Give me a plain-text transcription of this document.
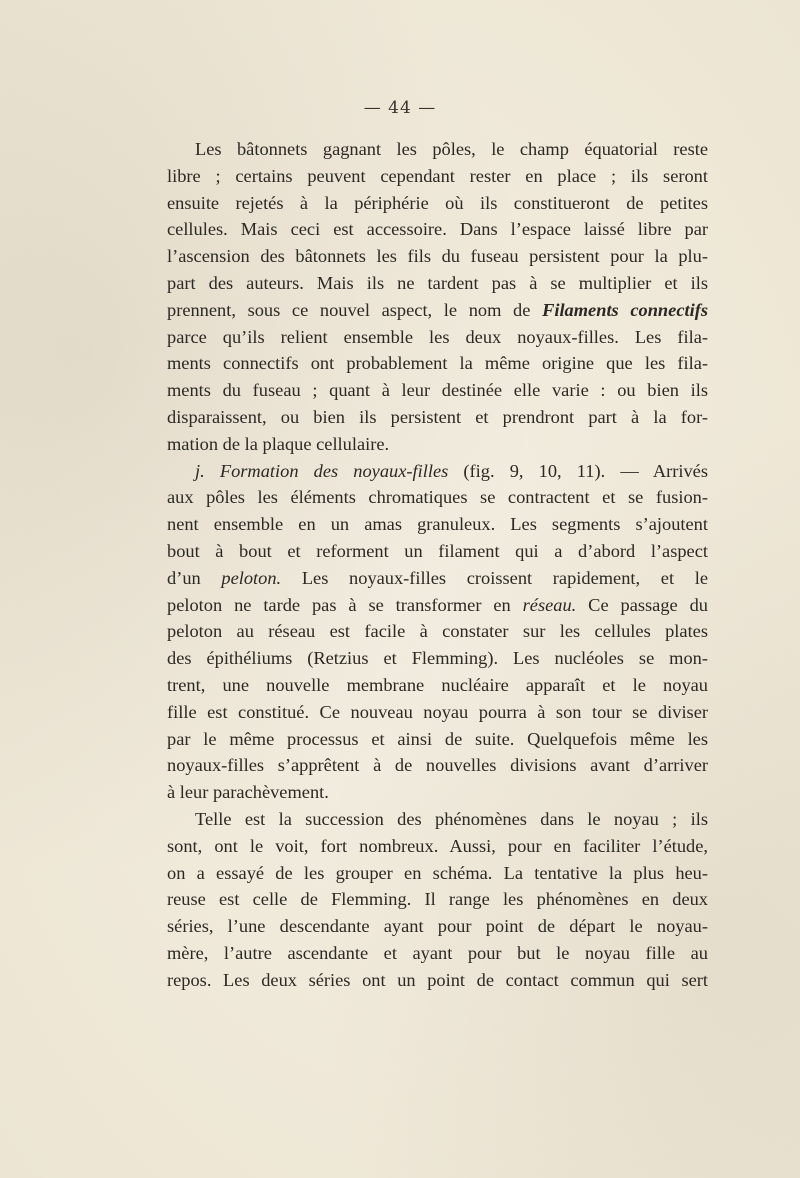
— 44 —
Les bâtonnets gagnant les pôles, le champ équatorial reste
libre ; certains peuvent cependant rester en place ; ils seront
ensuite rejetés à la périphérie où ils constitueront de petites
cellules. Mais ceci est accessoire. Dans l’espace laissé libre par
l’ascension des bâtonnets les fils du fuseau persistent pour la plu-
part des auteurs. Mais ils ne tardent pas à se multiplier et ils
prennent, sous ce nouvel aspect, le nom de Filaments connectifs
parce qu’ils relient ensemble les deux noyaux-filles. Les fila-
ments connectifs ont probablement la même origine que les fila-
ments du fuseau ; quant à leur destinée elle varie : ou bien ils
disparaissent, ou bien ils persistent et prendront part à la for-
mation de la plaque cellulaire.
j. Formation des noyaux-filles (fig. 9, 10, 11). — Arrivés
aux pôles les éléments chromatiques se contractent et se fusion-
nent ensemble en un amas granuleux. Les segments s’ajoutent
bout à bout et reforment un filament qui a d’abord l’aspect
d’un peloton. Les noyaux-filles croissent rapidement, et le
peloton ne tarde pas à se transformer en réseau. Ce passage du
peloton au réseau est facile à constater sur les cellules plates
des épithéliums (Retzius et Flemming). Les nucléoles se mon-
trent, une nouvelle membrane nucléaire apparaît et le noyau
fille est constitué. Ce nouveau noyau pourra à son tour se diviser
par le même processus et ainsi de suite. Quelquefois même les
noyaux-filles s’apprêtent à de nouvelles divisions avant d’arriver
à leur parachèvement.
Telle est la succession des phénomènes dans le noyau ; ils
sont, ont le voit, fort nombreux. Aussi, pour en faciliter l’étude,
on a essayé de les grouper en schéma. La tentative la plus heu-
reuse est celle de Flemming. Il range les phénomènes en deux
séries, l’une descendante ayant pour point de départ le noyau-
mère, l’autre ascendante et ayant pour but le noyau fille au
repos. Les deux séries ont un point de contact commun qui sert
